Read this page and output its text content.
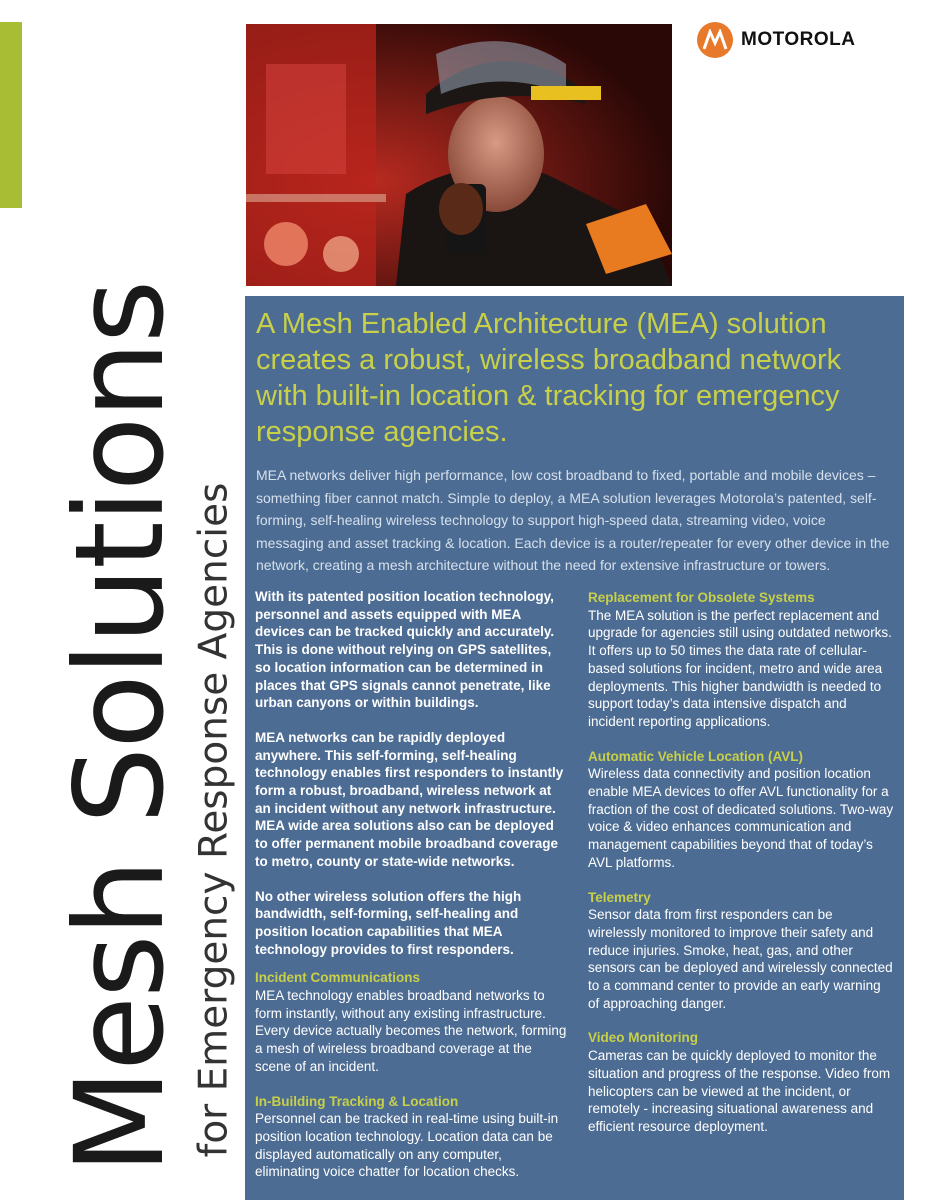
Mesh Solutions for Emergency Response Agencies
MOTOROLA
A Mesh Enabled Architecture (MEA) solution creates a robust, wireless broadband network with built-in location & tracking for emergency response agencies.

MEA networks deliver high performance, low cost broadband to fixed, portable and mobile devices – something fiber cannot match. Simple to deploy, a MEA solution leverages Motorola’s patented, self-forming, self-healing wireless technology to support high-speed data, streaming video, voice messaging and asset tracking & location. Each device is a router/repeater for every other device in the network, creating a mesh architecture without the need for extensive infrastructure or towers.

With its patented position location technology, personnel and assets equipped with MEA devices can be tracked quickly and accurately. This is done without relying on GPS satellites, so location information can be determined in places that GPS signals cannot penetrate, like urban canyons or within buildings.

MEA networks can be rapidly deployed anywhere. This self-forming, self-healing technology enables first responders to instantly form a robust, broadband, wireless network at an incident without any network infrastructure. MEA wide area solutions also can be deployed to offer permanent mobile broadband coverage to metro, county or state-wide networks.

No other wireless solution offers the high bandwidth, self-forming, self-healing and position location capabilities that MEA technology provides to first responders.

Incident Communications

MEA technology enables broadband networks to form instantly, without any existing infrastructure. Every device actually becomes the network, forming a mesh of wireless broadband coverage at the scene of an incident.

In-Building Tracking & Location

Personnel can be tracked in real-time using built-in position location technology. Location data can be displayed automatically on any computer, eliminating voice chatter for location checks.

Replacement for Obsolete Systems

The MEA solution is the perfect replacement and upgrade for agencies still using outdated networks. It offers up to 50 times the data rate of cellular-based solutions for incident, metro and wide area deployments. This higher bandwidth is needed to support today’s data intensive dispatch and incident reporting applications.

Automatic Vehicle Location (AVL)

Wireless data connectivity and position location enable MEA devices to offer AVL functionality for a fraction of the cost of dedicated solutions. Two-way voice & video enhances communication and management capabilities beyond that of today’s AVL platforms.

Telemetry

Sensor data from first responders can be wirelessly monitored to improve their safety and reduce injuries. Smoke, heat, gas, and other sensors can be deployed and wirelessly connected to a command center to provide an early warning of approaching danger.

Video Monitoring

Cameras can be quickly deployed to monitor the situation and progress of the response. Video from helicopters can be viewed at the incident, or remotely - increasing situational awareness and efficient resource deployment.
